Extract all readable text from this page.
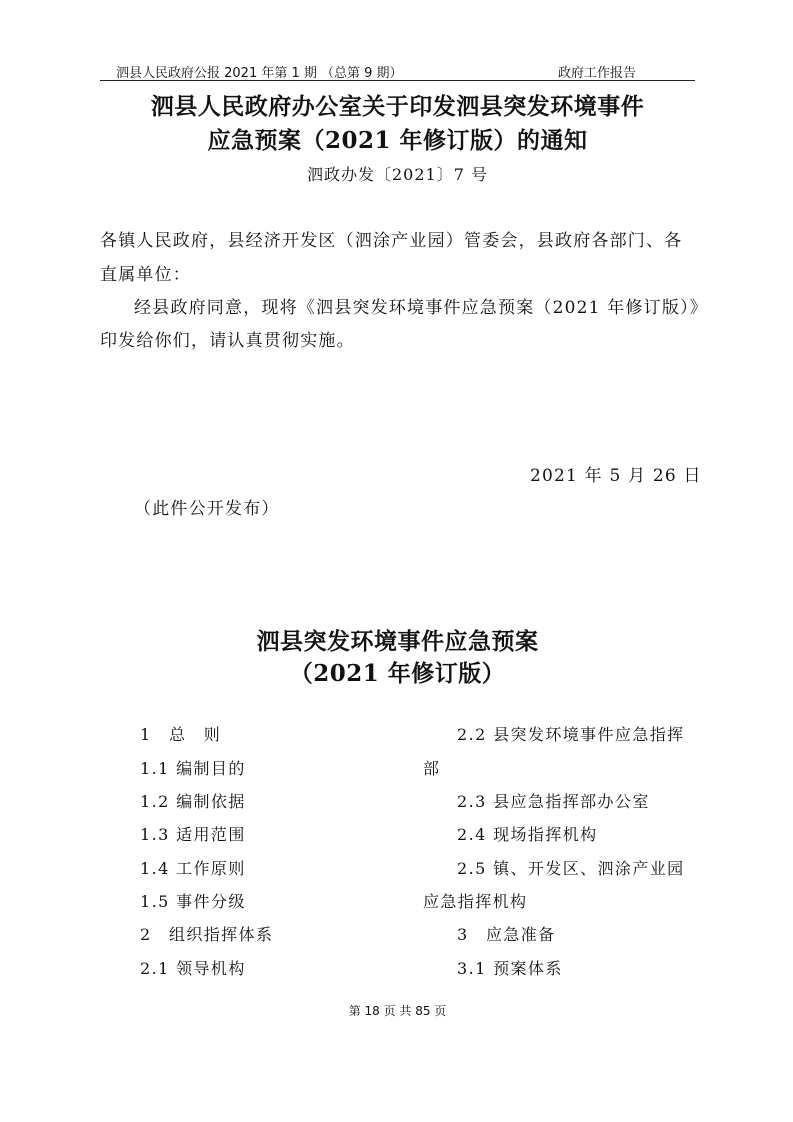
泗县人民政府公报 2021 年第 1 期 （总第 9 期）	政府工作报告
泗县人民政府办公室关于印发泗县突发环境事件
应急预案（2021 年修订版）的通知
泗政办发〔2021〕7 号
各镇人民政府，县经济开发区（泗涂产业园）管委会，县政府各部门、各
直属单位：
经县政府同意，现将《泗县突发环境事件应急预案（2021 年修订版）》
印发给你们，请认真贯彻实施。
2021 年 5 月 26 日
（此件公开发布）
泗县突发环境事件应急预案
（2021 年修订版）
1　总　则
1.1 编制目的
1.2 编制依据
1.3 适用范围
1.4 工作原则
1.5 事件分级
2　组织指挥体系
2.1 领导机构
2.2 县突发环境事件应急指挥
部
2.3 县应急指挥部办公室
2.4 现场指挥机构
2.5 镇、开发区、泗涂产业园
应急指挥机构
3　应急准备
3.1 预案体系
第 18 页 共 85 页
